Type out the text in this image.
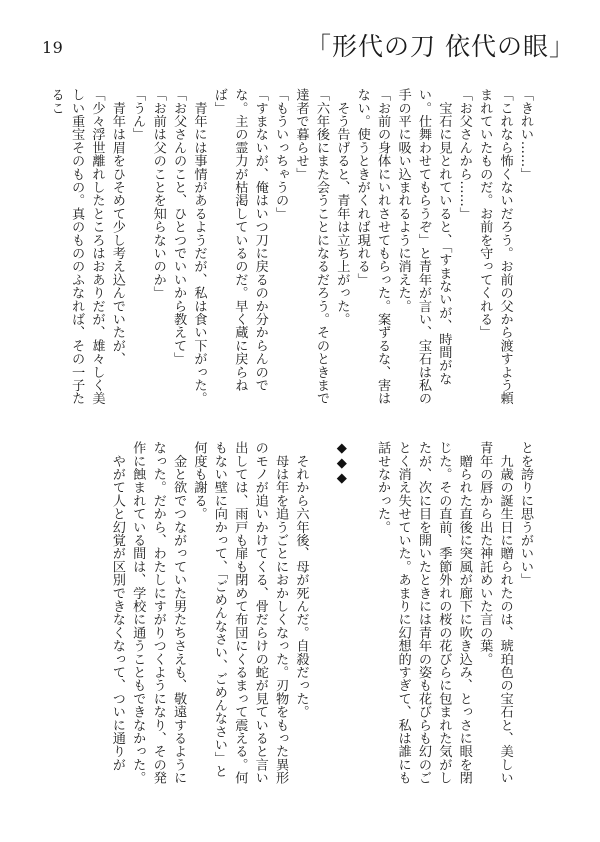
19	「形代の刀 依代の眼」

「きれい……」

「これなら怖くないだろう。お前の父から渡すよう頼まれていたものだ。お前を守ってくれる」

「お父さんから……」

　宝石に見とれていると、「すまないが、時間がない。仕舞わせてもらうぞ」と青年が言い、宝石は私の手の平に吸い込まれるように消えた。

「お前の身体にいれさせてもらった。案ずるな、害はない。使うときがくれば現れる」

　そう告げると、青年は立ち上がった。

「六年後にまた会うことになるだろう。そのときまで達者で暮らせ」

「もういっちゃうの」

「すまないが、俺はいつ刀に戻るのか分からんのでな。主の霊力が枯渇しているのだ。早く蔵に戻らねば」

　青年には事情があるようだが、私は食い下がった。

「お父さんのこと、ひとつでいいから教えて」

「お前は父のことを知らないのか」

「うん」

　青年は眉をひそめて少し考え込んでいたが、

「少々浮世離れしたところはおありだが、雄々しく美しい重宝そのもの。真のもののふなれば、その一子たるこ

とを誇りに思うがいい」

　九歳の誕生日に贈られたのは、琥珀色の宝石と、美しい青年の唇から出た神託めいた言の葉。

　贈られた直後に突風が廊下に吹き込み、とっさに眼を閉じた。その直前、季節外れの桜の花びらに包まれた気がしたが、次に目を開いたときには青年の姿も花びらも幻のごとく消え失せていた。あまりに幻想的すぎて、私は誰にも話せなかった。

◆◆◆

　それから六年後、母が死んだ。自殺だった。

　母は年を追うごとにおかしくなった。刃物をもった異形のモノが追いかけてくる、骨だらけの蛇が見ていると言い出しては、雨戸も扉も閉めて布団にくるまって震える。何もない壁に向かって、「ごめんなさい、ごめんなさい」と何度も謝る。

　金と欲でつながっていた男たちさえも、敬遠するようになった。だから、わたしにすがりつくようになり、その発作に蝕まれている間は、学校に通うこともできなかった。

　やがて人と幻覚が区別できなくなって、ついに通りが
